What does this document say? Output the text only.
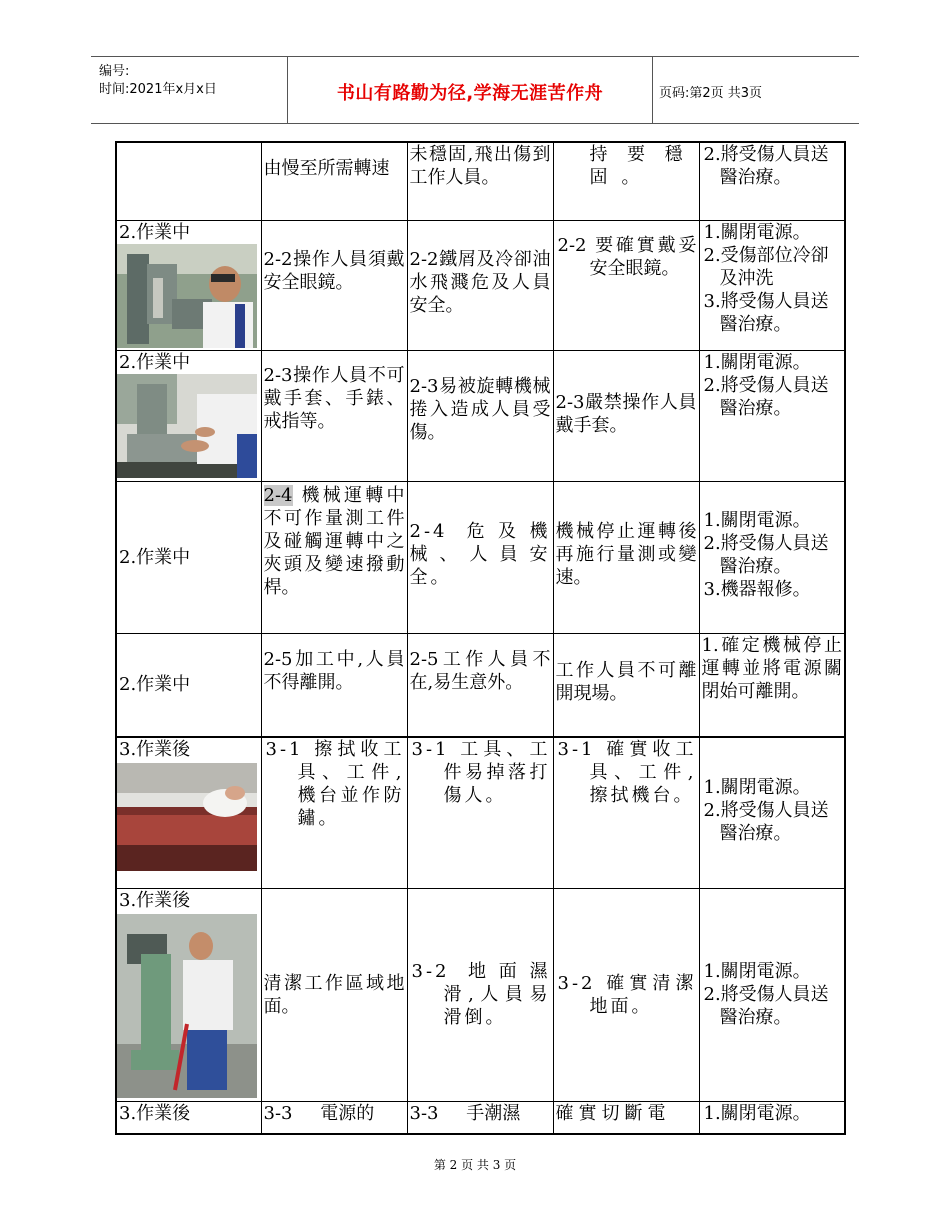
编号:
时间:2021年x月x日	书山有路勤为径,学海无涯苦作舟	页码:第2页 共3页

	由慢至所需轉速	未穩固,飛出傷到工作人員。	持要穩固。	2.將受傷人員送醫治療。

2.作業中	2-2操作人員須戴安全眼鏡。	2-2鐵屑及冷卻油水飛濺危及人員安全。	2-2 要確實戴妥安全眼鏡。	1.關閉電源。
2.受傷部位冷卻及沖洗
3.將受傷人員送醫治療。

2.作業中	2-3操作人員不可戴手套、手錶、戒指等。	2-3易被旋轉機械捲入造成人員受傷。	2-3嚴禁操作人員戴手套。	1.關閉電源。
2.將受傷人員送醫治療。

2.作業中	2-4 機械運轉中不可作量測工件及碰觸運轉中之夾頭及變速撥動桿。	2-4 危及機械、人員安全。	機械停止運轉後再施行量測或變速。	1.關閉電源。
2.將受傷人員送醫治療。
3.機器報修。

2.作業中	2-5加工中,人員不得離開。	2-5工作人員不在,易生意外。	工作人員不可離開現場。	1.確定機械停止運轉並將電源關閉始可離開。

3.作業後	3-1 擦拭收工具、工件,機台並作防鏽。	3-1 工具、工件易掉落打傷人。	3-1 確實收工具、工件,擦拭機台。	1.關閉電源。
2.將受傷人員送醫治療。

3.作業後	清潔工作區域地面。	3-2 地面濕滑,人員易滑倒。	3-2 確實清潔地面。	1.關閉電源。
2.將受傷人員送醫治療。

3.作業後	3-3 電源的	3-3 手潮濕	確實切斷電	1.關閉電源。
第 2 页 共 3 页
